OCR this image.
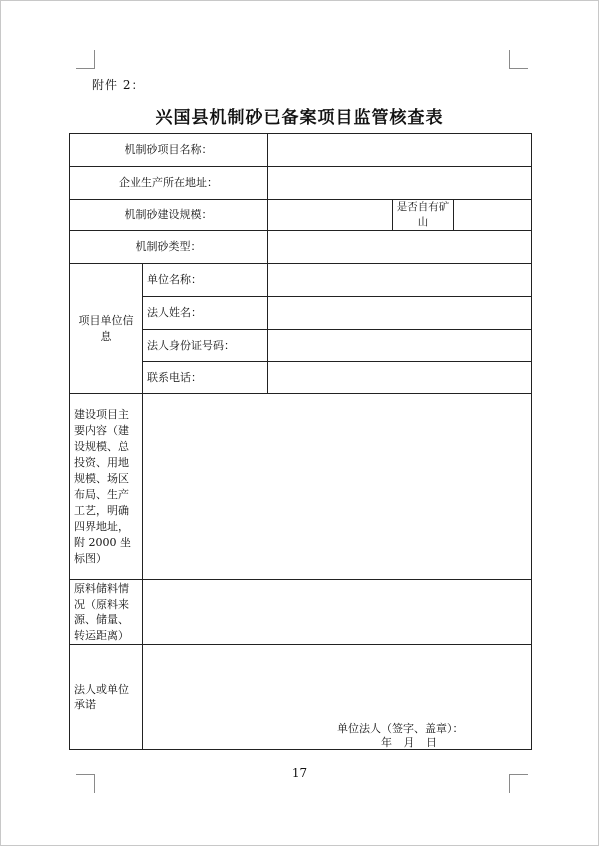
附件 2：
兴国县机制砂已备案项目监管核查表
机制砂项目名称：				
企业生产所在地址：				
机制砂建设规模：			是否自有矿山	
机制砂类型：				
项目单位信息	单位名称：			
	法人姓名：			
	法人身份证号码：			
	联系电话：			
建设项目主要内容（建设规模、总投资、用地规模、场区布局、生产工艺，明确四界地址，附 2000 坐标图）				
原料储料情况（原料来源、储量、转运距离）				
法人或单位承诺				
单位法人（签字、盖章）：
年 月 日
17
